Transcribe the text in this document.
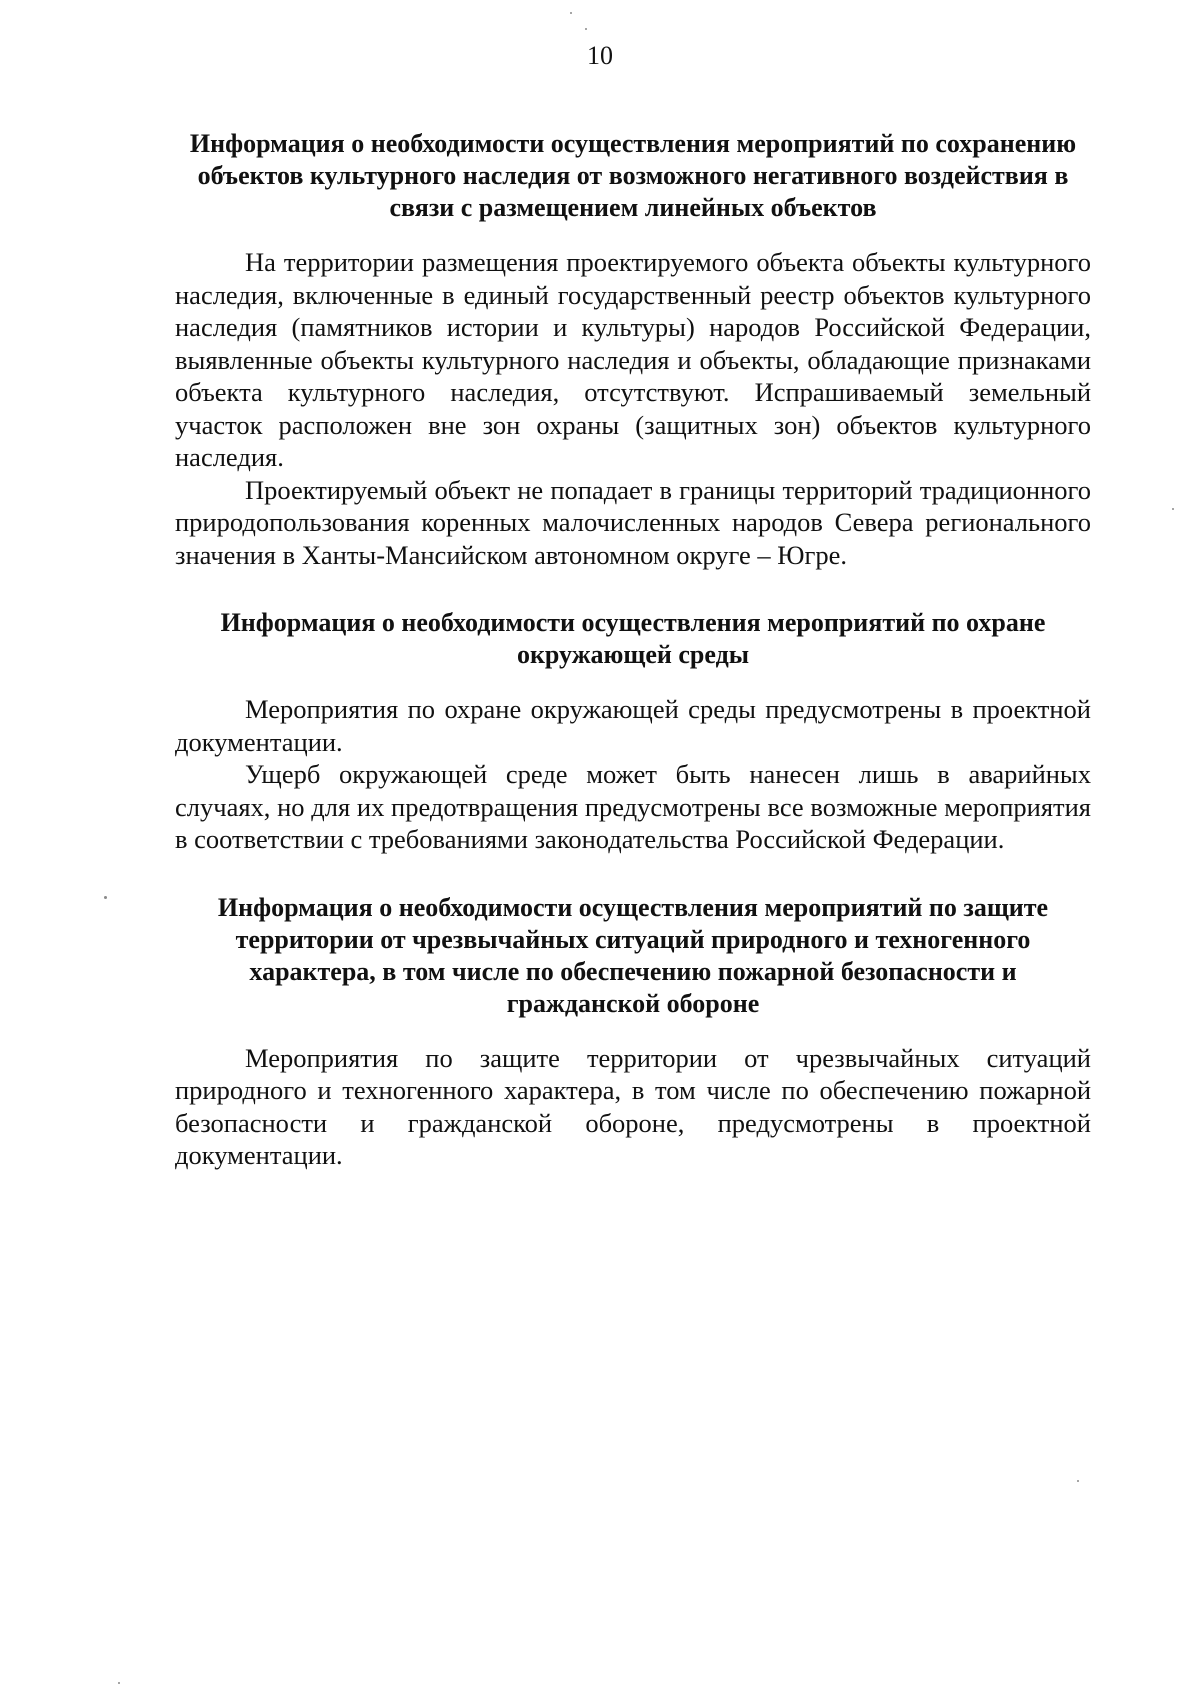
10
Информация о необходимости осуществления мероприятий по сохранению объектов культурного наследия от возможного негативного воздействия в связи с размещением линейных объектов

На территории размещения проектируемого объекта объекты культурного наследия, включенные в единый государственный реестр объектов культурного наследия (памятников истории и культуры) народов Российской Федерации, выявленные объекты культурного наследия и объекты, обладающие признаками объекта культурного наследия, отсутствуют. Испрашиваемый земельный участок расположен вне зон охраны (защитных зон) объектов культурного наследия.

Проектируемый объект не попадает в границы территорий традиционного природопользования коренных малочисленных народов Севера регионального значения в Ханты-Мансийском автономном округе – Югре.

Информация о необходимости осуществления мероприятий по охране окружающей среды

Мероприятия по охране окружающей среды предусмотрены в проектной документации.

Ущерб окружающей среде может быть нанесен лишь в аварийных случаях, но для их предотвращения предусмотрены все возможные мероприятия в соответствии с требованиями законодательства Российской Федерации.

Информация о необходимости осуществления мероприятий по защите территории от чрезвычайных ситуаций природного и техногенного характера, в том числе по обеспечению пожарной безопасности и гражданской обороне

Мероприятия по защите территории от чрезвычайных ситуаций природного и техногенного характера, в том числе по обеспечению пожарной безопасности и гражданской обороне, предусмотрены в проектной документации.
